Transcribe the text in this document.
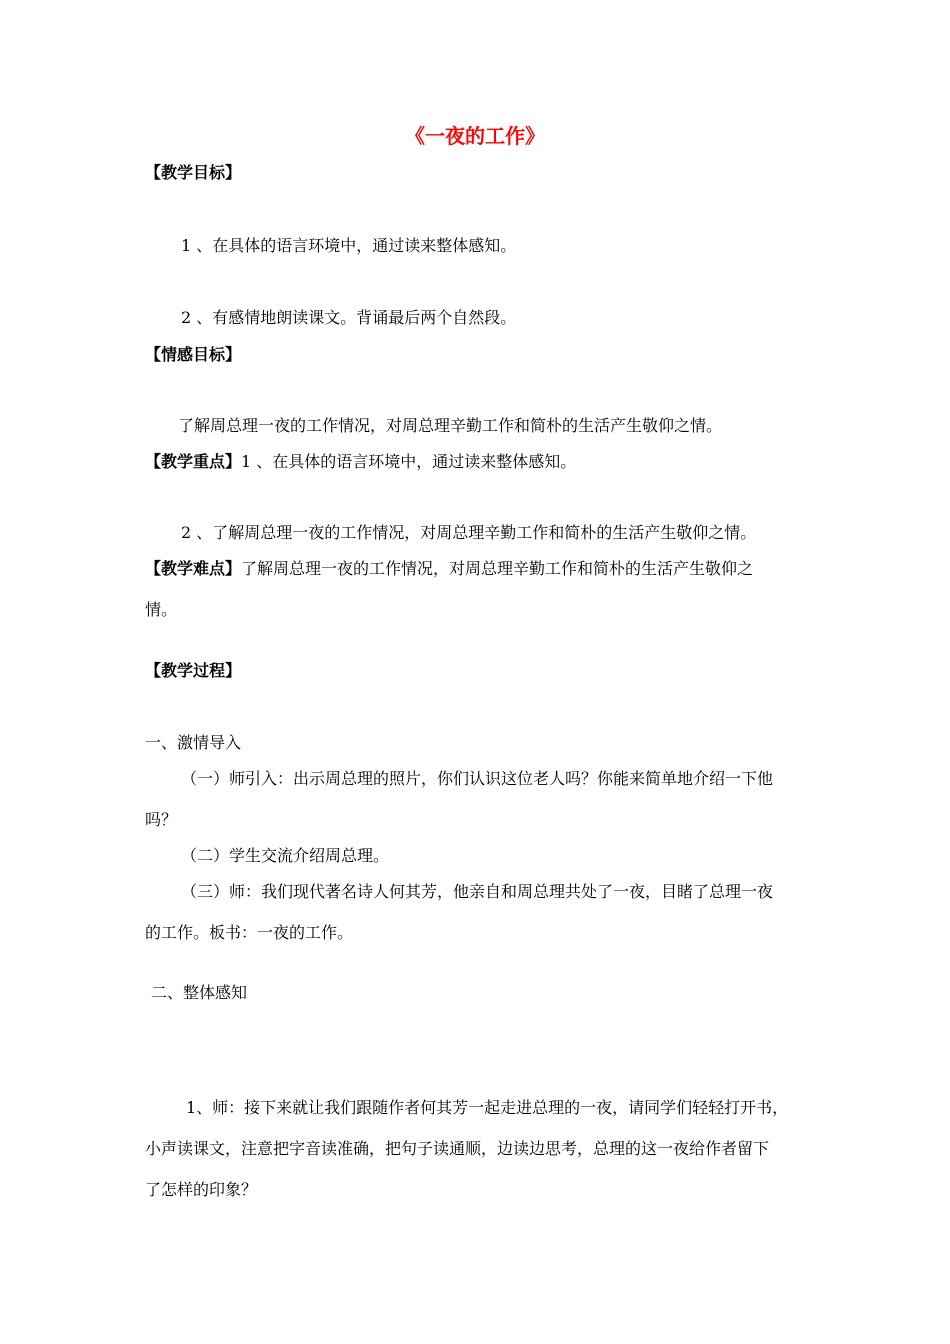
《一夜的工作》
【教学目标】
1 、在具体的语言环境中，通过读来整体感知。
2 、有感情地朗读课文。背诵最后两个自然段。
【情感目标】
了解周总理一夜的工作情况，对周总理辛勤工作和简朴的生活产生敬仰之情。
【教学重点】1 、在具体的语言环境中，通过读来整体感知。
2 、了解周总理一夜的工作情况，对周总理辛勤工作和简朴的生活产生敬仰之情。
【教学难点】了解周总理一夜的工作情况，对周总理辛勤工作和简朴的生活产生敬仰之
情。
【教学过程】
一、激情导入
（一）师引入：出示周总理的照片，你们认识这位老人吗？你能来简单地介绍一下他
吗？
（二）学生交流介绍周总理。
（三）师：我们现代著名诗人何其芳，他亲自和周总理共处了一夜，目睹了总理一夜
的工作。板书：一夜的工作。
二、整体感知
1、师：接下来就让我们跟随作者何其芳一起走进总理的一夜，请同学们轻轻打开书，
小声读课文，注意把字音读准确，把句子读通顺，边读边思考，总理的这一夜给作者留下
了怎样的印象？
